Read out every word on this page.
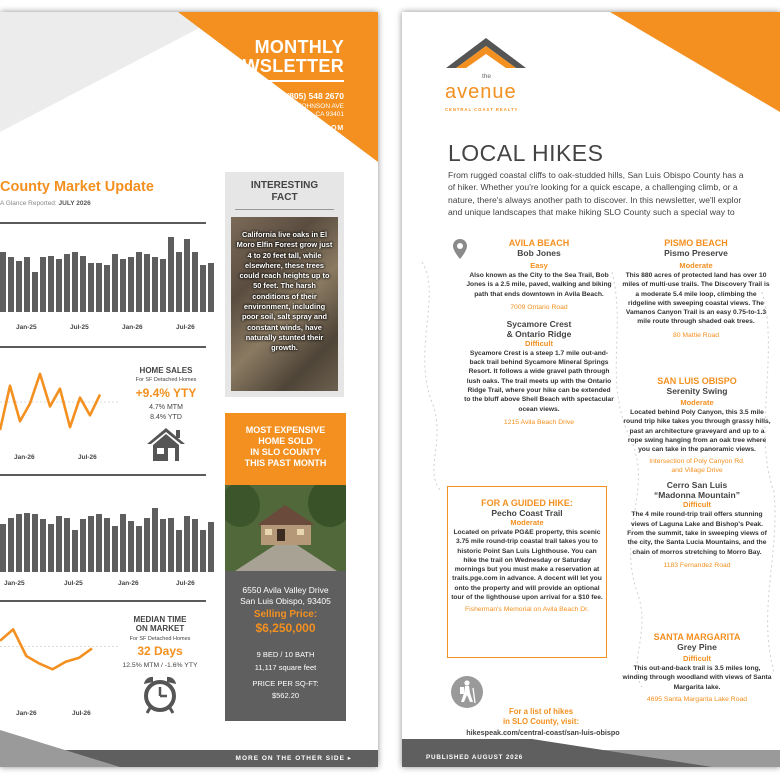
MONTHLY
NEWSLETTER
(805) 548 2670
1333 JOHNSON AVE
SAN LUIS OBISPO, CA 93401
THEAVENUESLO.COM
County Market Update
A Glance Reported: JULY 2026
HOME SALES
For SF Detached Homes
+9.4% YTY
4.7% MTM
8.4% YTD
MEDIAN TIME
ON MARKET
For SF Detached Homes
32 Days
12.5% MTM / -1.6% YTY
INTERESTING
FACT
California live oaks in El Moro Elfin Forest grow just 4 to 20 feet tall, while elsewhere, these trees could reach heights up to 50 feet. The harsh conditions of their environment, including poor soil, salt spray and constant winds, have naturally stunted their growth.
MOST EXPENSIVE
HOME SOLD
IN SLO COUNTY
THIS PAST MONTH
6550 Avila Valley Drive
San Luis Obispo, 93405
Selling Price:
$6,250,000
9 BED / 10 BATH
11,117 square feet
PRICE PER SQ-FT:
$562.20
MORE ON THE OTHER SIDE ▸
Jan-25	Jul-25	Jan-26	Jul-26
Jan-26	Jul-26
Jan-25	Jul-25	Jan-26	Jul-26
Jan-26	Jul-26
the
avenue
CENTRAL COAST REALTY
LOCAL HIKES
From rugged coastal cliffs to oak-studded hills, San Luis Obispo County has a
of hiker. Whether you're looking for a quick escape, a challenging climb, or a
nature, there's always another path to discover. In this newsletter, we'll explor
and unique landscapes that make hiking SLO County such a special way to
AVILA BEACH
Bob Jones
Easy
Also known as the City to the Sea Trail, Bob Jones is a 2.5 mile, paved, walking and biking path that ends downtown in Avila Beach.
7009 Ontario Road
Sycamore Crest
& Ontario Ridge
Difficult
Sycamore Crest is a steep 1.7 mile out-and-back trail behind Sycamore Mineral Springs Resort. It follows a wide gravel path through lush oaks. The trail meets up with the Ontario Ridge Trail, where your hike can be extended to the bluff above Shell Beach with spectacular ocean views.
1215 Avila Beach Drive
FOR A GUIDED HIKE:
Pecho Coast Trail
Moderate
Located on private PG&E property, this scenic 3.75 mile round-trip coastal trail takes you to historic Point San Luis Lighthouse. You can hike the trail on Wednesday or Saturday mornings but you must make a reservation at trails.pge.com in advance. A docent will let you onto the property and will provide an optional tour of the lighthouse upon arrival for a $10 fee.
Fisherman's Memorial on Avila Beach Dr.
PISMO BEACH
Pismo Preserve
Moderate
This 880 acres of protected land has over 10 miles of multi-use trails. The Discovery Trail is a moderate 5.4 mile loop, climbing the ridgeline with sweeping coastal views. The Vamanos Canyon Trail is an easy 0.75-to-1.3 mile route through shaded oak trees.
80 Mattie Road
SAN LUIS OBISPO
Serenity Swing
Moderate
Located behind Poly Canyon, this 3.5 mile round trip hike takes you through grassy hills, past an architecture graveyard and up to a rope swing hanging from an oak tree where you can take in the panoramic views.
Intersection of Poly Canyon Rd.
and Village Drive
Cerro San Luis
“Madonna Mountain”
Difficult
The 4 mile round-trip trail offers stunning views of Laguna Lake and Bishop's Peak. From the summit, take in sweeping views of the city, the Santa Lucia Mountains, and the chain of morros stretching to Morro Bay.
1183 Fernandez Road
SANTA MARGARITA
Grey Pine
Difficult
This out-and-back trail is 3.5 miles long, winding through woodland with views of Santa Margarita lake.
4695 Santa Margarita Lake Road
For a list of hikes
in SLO County, visit:
hikespeak.com/central-coast/san-luis-obispo
PUBLISHED AUGUST 2026
